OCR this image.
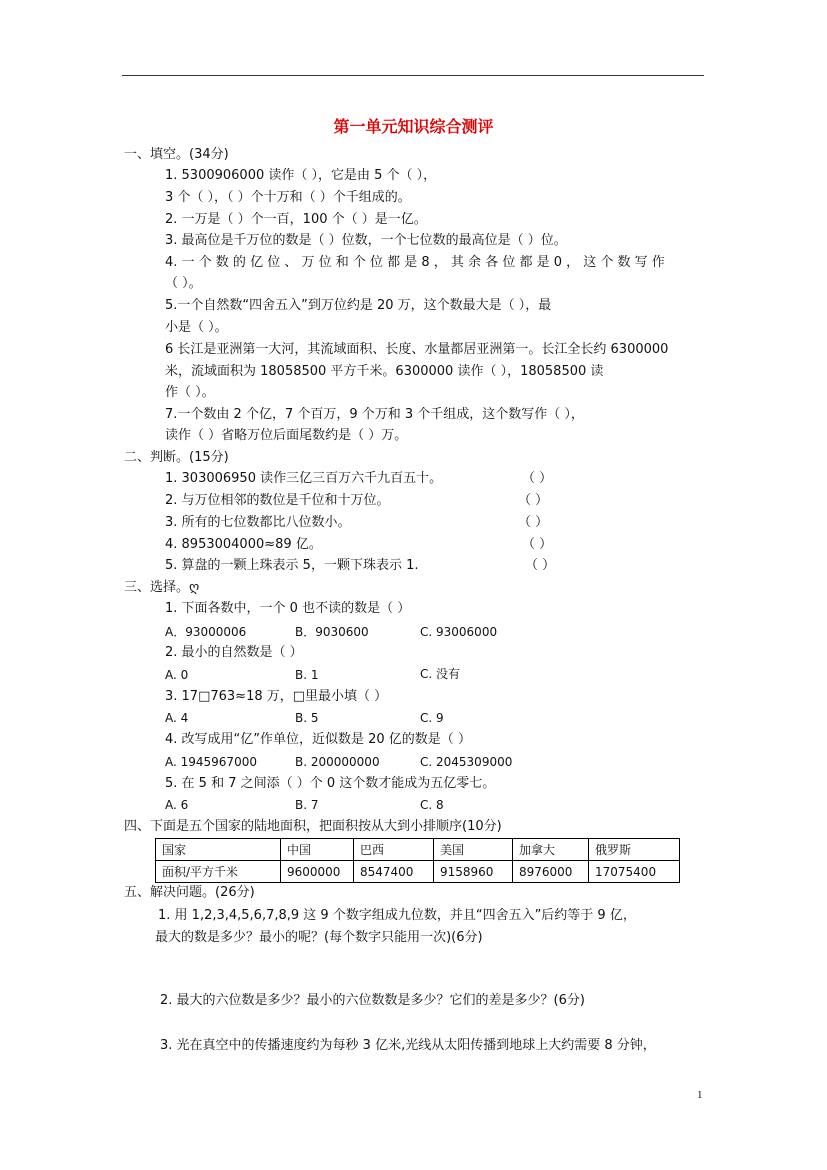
第一单元知识综合测评
一、填空。(34分)
1. 5300906000 读作（ ），它是由 5 个（ ），
3 个（ ），（ ）个十万和（ ）个千组成的。
2. 一万是（ ）个一百，100 个（ ）是一亿。
3. 最高位是千万位的数是（ ）位数，一个七位数的最高位是（ ）位。
4. 一 个 数 的 亿 位 、 万 位 和 个 位 都 是 8 ， 其 余 各 位 都 是 0 ， 这 个 数 写 作
（ ）。
5.一个自然数“四舍五入”到万位约是 20 万，这个数最大是（ ），最
小是（ ）。
6 长江是亚洲第一大河，其流域面积、长度、水量都居亚洲第一。长江全长约 6300000
米，流域面积为 18058500 平方千米。6300000 读作（ ），18058500 读
作（ ）。
7.一个数由 2 个亿，7 个百万，9 个万和 3 个千组成，这个数写作（ ），
读作（ ）省略万位后面尾数约是（ ）万。
二、判断。(15分)
1. 303006950 读作三亿三百万六千九百五十。	（ ）
2. 与万位相邻的数位是千位和十万位。	（ ）
3. 所有的七位数都比八位数小。	（ ）
4. 8953004000≈89 亿。	（ ）
5. 算盘的一颗上珠表示 5，一颗下珠表示 1.	（ ）
三、选择。ღ
1. 下面各数中，一个 0 也不读的数是（ ）
A．93000006	B．9030600	C. 93006000
2. 最小的自然数是（ ）
A. 0	B. 1	C. 没有
3. 17□763≈18 万，□里最小填（ ）
A. 4	B. 5	C. 9
4. 改写成用“亿”作单位，近似数是 20 亿的数是（ ）
A. 1945967000	B. 200000000	C. 2045309000
5. 在 5 和 7 之间添（ ）个 0 这个数才能成为五亿零七。
A. 6	B. 7	C. 8
四、下面是五个国家的陆地面积，把面积按从大到小排顺序(10分)
国家	中国	巴西	美国	加拿大	俄罗斯
面积/平方千米	9600000	8547400	9158960	8976000	17075400
五、解决问题。(26分)
1. 用 1,2,3,4,5,6,7,8,9 这 9 个数字组成九位数，并且“四舍五入”后约等于 9 亿，
最大的数是多少？最小的呢？(每个数字只能用一次)(6分)
2. 最大的六位数是多少？最小的六位数数是多少？它们的差是多少？(6分)
3. 光在真空中的传播速度约为每秒 3 亿米,光线从太阳传播到地球上大约需要 8 分钟，
1
